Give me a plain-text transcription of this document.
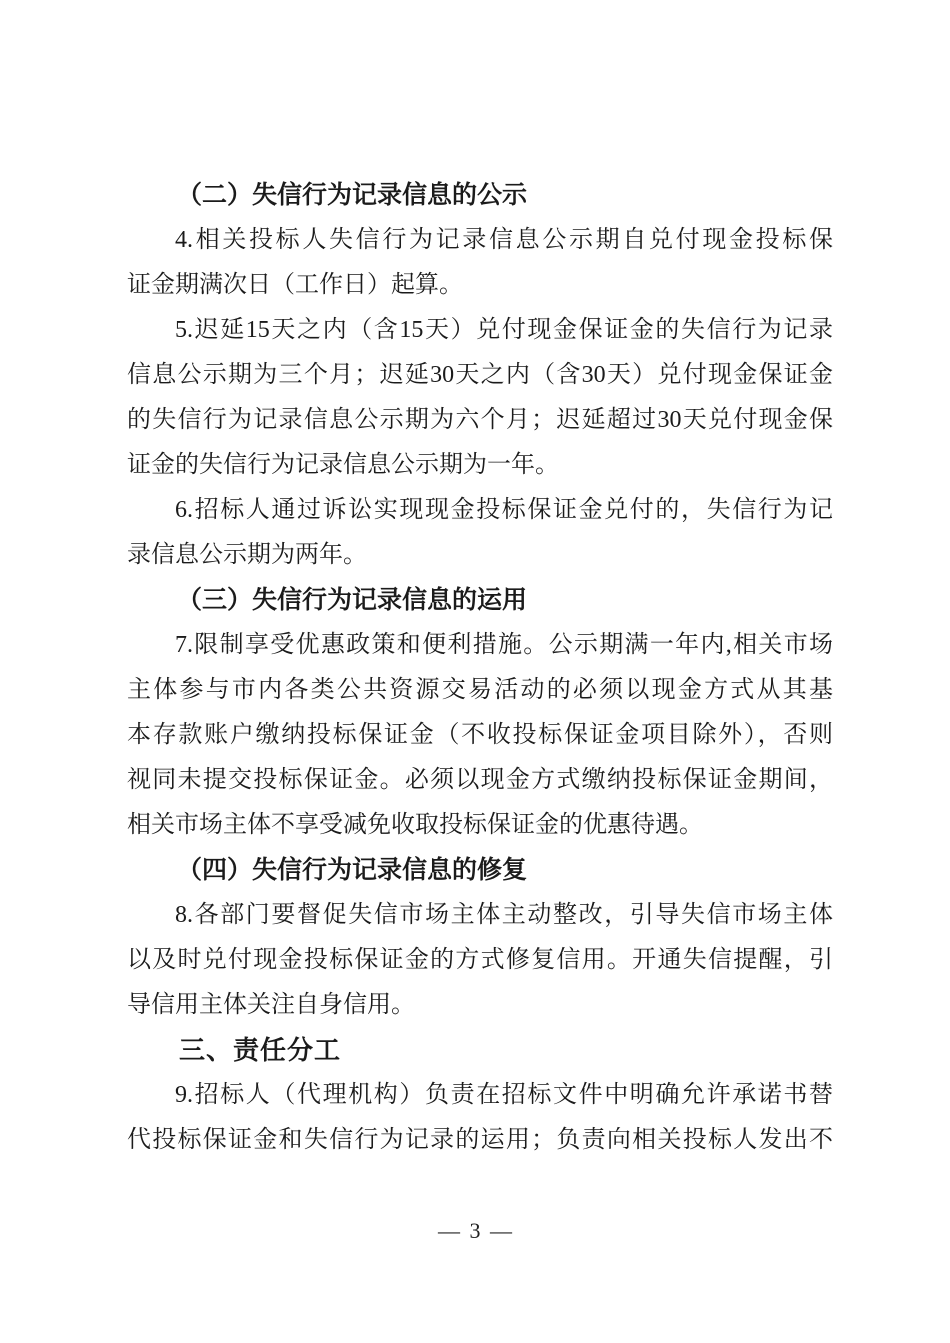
（二）失信行为记录信息的公示
4.相关投标人失信行为记录信息公示期自兑付现金投标保
证金期满次日（工作日）起算。
5.迟延15天之内（含15天）兑付现金保证金的失信行为记录
信息公示期为三个月；迟延30天之内（含30天）兑付现金保证金
的失信行为记录信息公示期为六个月；迟延超过30天兑付现金保
证金的失信行为记录信息公示期为一年。
6.招标人通过诉讼实现现金投标保证金兑付的，失信行为记
录信息公示期为两年。
（三）失信行为记录信息的运用
7.限制享受优惠政策和便利措施。公示期满一年内,相关市场
主体参与市内各类公共资源交易活动的必须以现金方式从其基
本存款账户缴纳投标保证金（不收投标保证金项目除外），否则
视同未提交投标保证金。必须以现金方式缴纳投标保证金期间，
相关市场主体不享受减免收取投标保证金的优惠待遇。
（四）失信行为记录信息的修复
8.各部门要督促失信市场主体主动整改，引导失信市场主体
以及时兑付现金投标保证金的方式修复信用。开通失信提醒，引
导信用主体关注自身信用。
三、责任分工
9.招标人（代理机构）负责在招标文件中明确允许承诺书替
代投标保证金和失信行为记录的运用；负责向相关投标人发出不
— 3 —
